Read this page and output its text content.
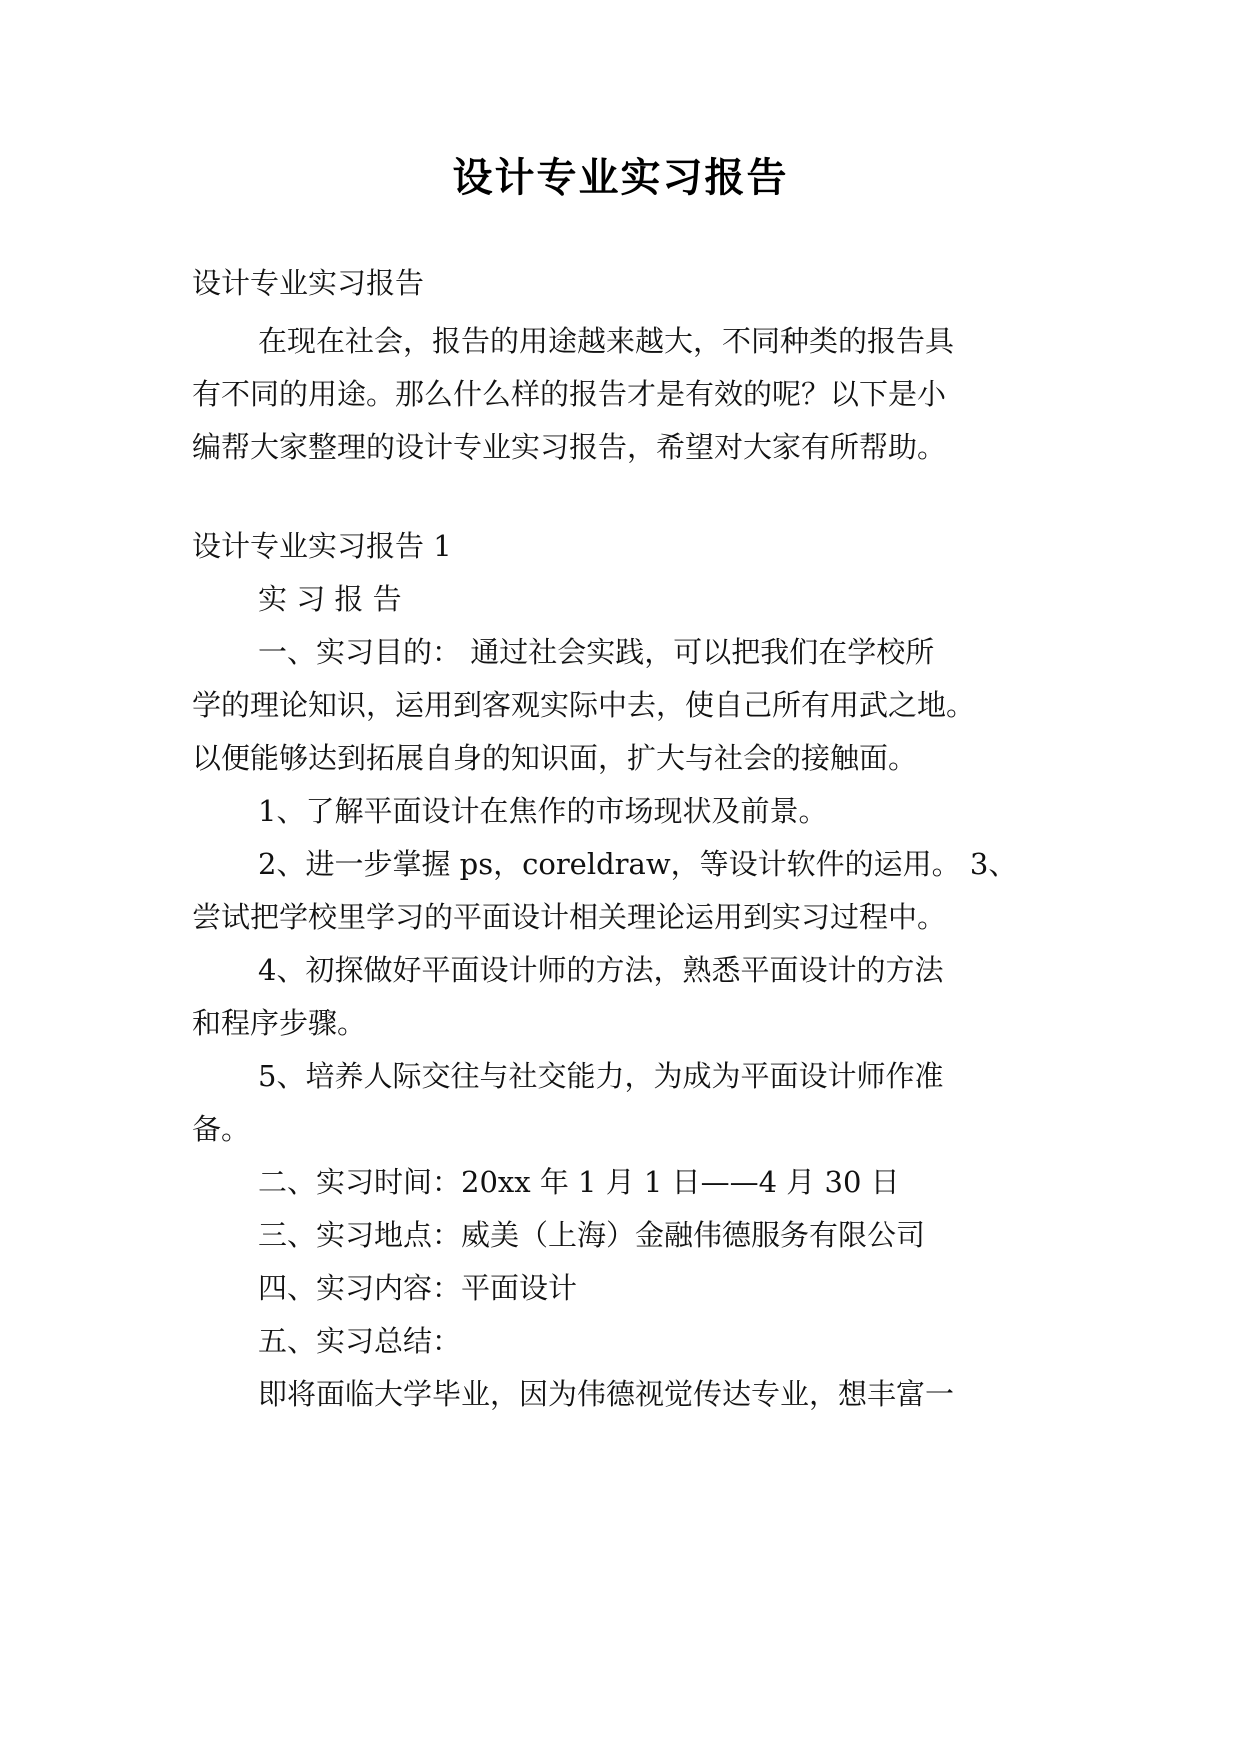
设计专业实习报告
设计专业实习报告
在现在社会，报告的用途越来越大，不同种类的报告具
有不同的用途。那么什么样的报告才是有效的呢？以下是小
编帮大家整理的设计专业实习报告，希望对大家有所帮助。
设计专业实习报告 1
实 习 报 告
一、实习目的： 通过社会实践，可以把我们在学校所
学的理论知识，运用到客观实际中去，使自己所有用武之地。
以便能够达到拓展自身的知识面，扩大与社会的接触面。
1、了解平面设计在焦作的市场现状及前景。
2、进一步掌握 ps，coreldraw，等设计软件的运用。 3、
尝试把学校里学习的平面设计相关理论运用到实习过程中。
4、初探做好平面设计师的方法，熟悉平面设计的方法
和程序步骤。
5、培养人际交往与社交能力，为成为平面设计师作准
备。
二、实习时间：20xx 年 1 月 1 日——4 月 30 日
三、实习地点：威美（上海）金融伟德服务有限公司
四、实习内容：平面设计
五、实习总结：
即将面临大学毕业，因为伟德视觉传达专业，想丰富一
